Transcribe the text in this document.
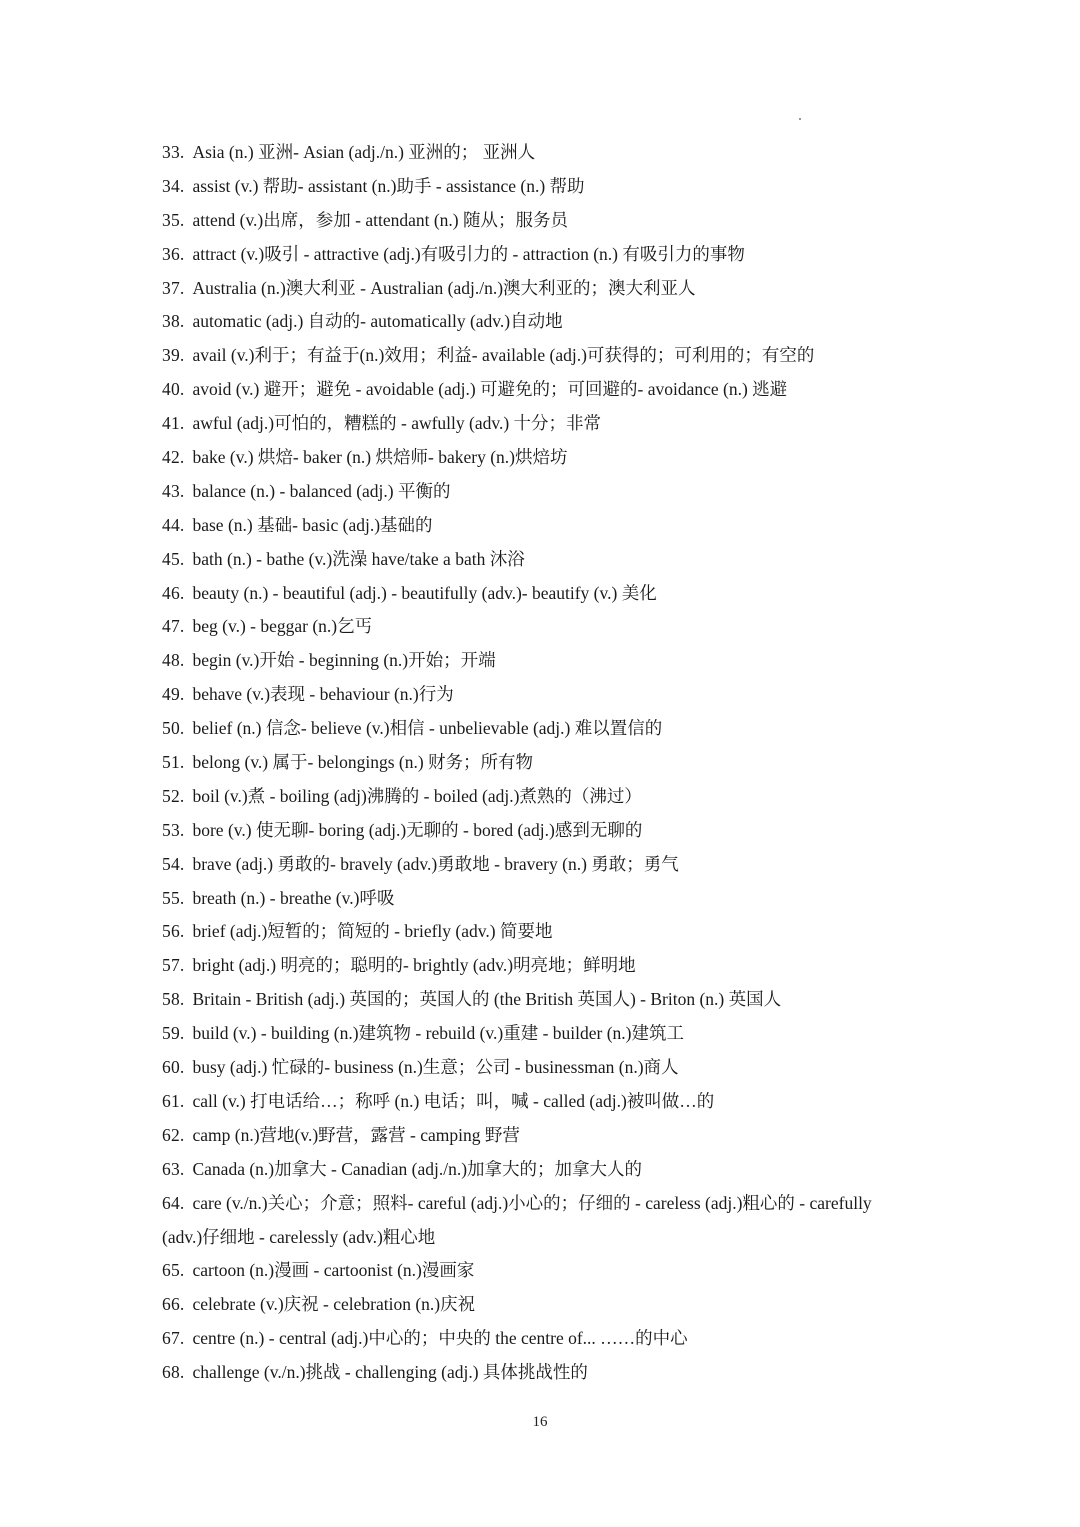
33. Asia (n.) 亚洲- Asian (adj./n.) 亚洲的； 亚洲人
34. assist (v.) 帮助- assistant (n.)助手 - assistance (n.) 帮助
35. attend (v.)出席，参加 - attendant (n.) 随从；服务员
36. attract (v.)吸引 - attractive (adj.)有吸引力的 - attraction (n.) 有吸引力的事物
37. Australia (n.)澳大利亚 - Australian (adj./n.)澳大利亚的；澳大利亚人
38. automatic (adj.) 自动的- automatically (adv.)自动地
39. avail (v.)利于；有益于(n.)效用；利益- available (adj.)可获得的；可利用的；有空的
40. avoid (v.) 避开；避免 - avoidable (adj.) 可避免的；可回避的- avoidance (n.) 逃避
41. awful (adj.)可怕的，糟糕的 - awfully (adv.) 十分；非常
42. bake (v.) 烘焙- baker (n.) 烘焙师- bakery (n.)烘焙坊
43. balance (n.) - balanced (adj.) 平衡的
44. base (n.) 基础- basic (adj.)基础的
45. bath (n.) - bathe (v.)洗澡 have/take a bath 沐浴
46. beauty (n.) - beautiful (adj.) - beautifully (adv.)- beautify (v.) 美化
47. beg (v.) - beggar (n.)乞丐
48. begin (v.)开始 - beginning (n.)开始；开端
49. behave (v.)表现 - behaviour (n.)行为
50. belief (n.) 信念- believe (v.)相信 - unbelievable (adj.) 难以置信的
51. belong (v.) 属于- belongings (n.) 财务；所有物
52. boil (v.)煮 - boiling (adj)沸腾的 - boiled (adj.)煮熟的（沸过）
53. bore (v.) 使无聊- boring (adj.)无聊的 - bored (adj.)感到无聊的
54. brave (adj.) 勇敢的- bravely (adv.)勇敢地 - bravery (n.) 勇敢；勇气
55. breath (n.) - breathe (v.)呼吸
56. brief (adj.)短暂的；简短的 - briefly (adv.) 简要地
57. bright (adj.) 明亮的；聪明的- brightly (adv.)明亮地；鲜明地
58. Britain - British (adj.) 英国的；英国人的 (the British 英国人) - Briton (n.) 英国人
59. build (v.) - building (n.)建筑物 - rebuild (v.)重建 - builder (n.)建筑工
60. busy (adj.) 忙碌的- business (n.)生意；公司 - businessman (n.)商人
61. call (v.) 打电话给…；称呼 (n.) 电话；叫，喊 - called (adj.)被叫做…的
62. camp (n.)营地(v.)野营，露营 - camping 野营
63. Canada (n.)加拿大 - Canadian (adj./n.)加拿大的；加拿大人的
64. care (v./n.)关心；介意；照料- careful (adj.)小心的；仔细的 - careless (adj.)粗心的 - carefully (adv.)仔细地 - carelessly (adv.)粗心地
65. cartoon (n.)漫画 - cartoonist (n.)漫画家
66. celebrate (v.)庆祝 - celebration (n.)庆祝
67. centre (n.) - central (adj.)中心的；中央的 the centre of... ……的中心
68. challenge (v./n.)挑战 - challenging (adj.) 具体挑战性的
16
